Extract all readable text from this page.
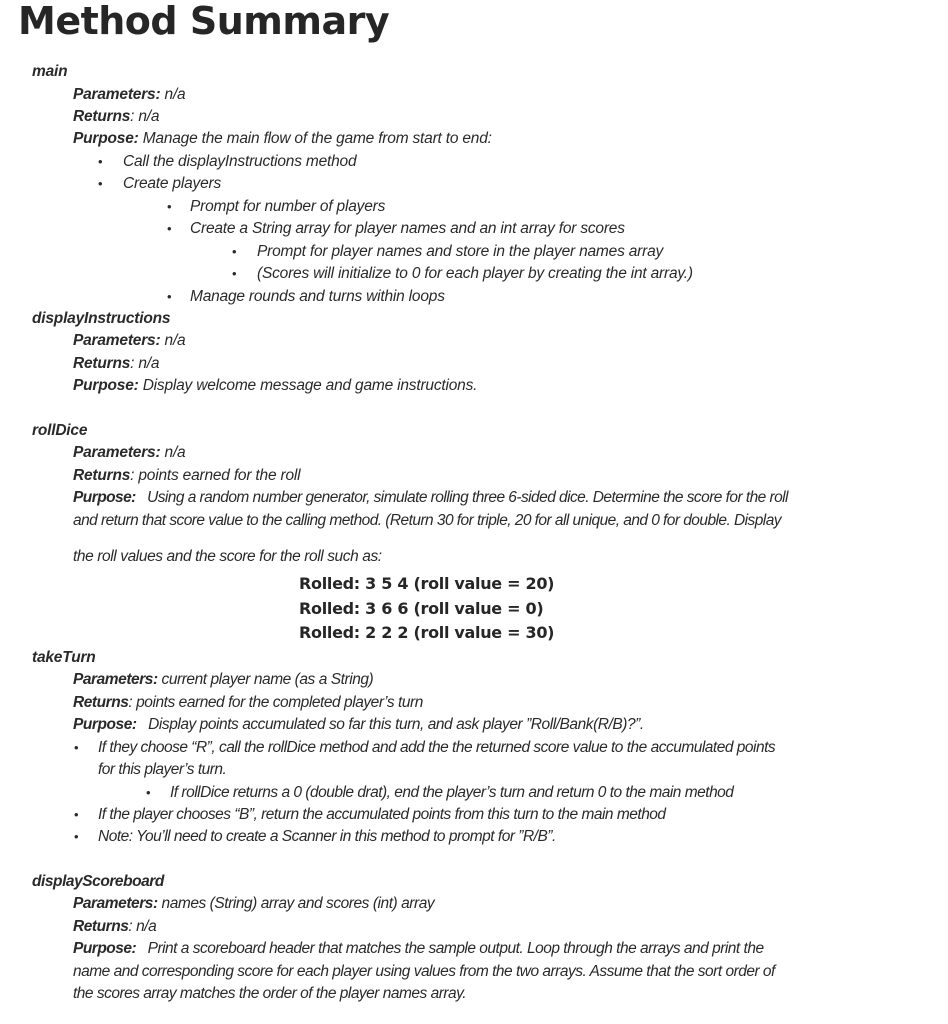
Method Summary
main
Parameters: n/a
Returns: n/a
Purpose: Manage the main flow of the game from start to end:
• Call the displayInstructions method
• Create players
• Prompt for number of players
• Create a String array for player names and an int array for scores
• Prompt for player names and store in the player names array
• (Scores will initialize to 0 for each player by creating the int array.)
• Manage rounds and turns within loops
displayInstructions
Parameters: n/a
Returns: n/a
Purpose: Display welcome message and game instructions.
rollDice
Parameters: n/a
Returns: points earned for the roll
Purpose: Using a random number generator, simulate rolling three 6-sided dice. Determine the score for the roll
and return that score value to the calling method. (Return 30 for triple, 20 for all unique, and 0 for double. Display
the roll values and the score for the roll such as:
Rolled: 3 5 4 (roll value = 20)
Rolled: 3 6 6 (roll value = 0)
Rolled: 2 2 2 (roll value = 30)
takeTurn
Parameters: current player name (as a String)
Returns: points earned for the completed player’s turn
Purpose: Display points accumulated so far this turn, and ask player ”Roll/Bank(R/B)?”.
• If they choose “R”, call the rollDice method and add the the returned score value to the accumulated points
for this player’s turn.
• If rollDice returns a 0 (double drat), end the player’s turn and return 0 to the main method
• If the player chooses “B”, return the accumulated points from this turn to the main method
• Note: You’ll need to create a Scanner in this method to prompt for ”R/B”.
displayScoreboard
Parameters: names (String) array and scores (int) array
Returns: n/a
Purpose: Print a scoreboard header that matches the sample output. Loop through the arrays and print the
name and corresponding score for each player using values from the two arrays. Assume that the sort order of
the scores array matches the order of the player names array.
